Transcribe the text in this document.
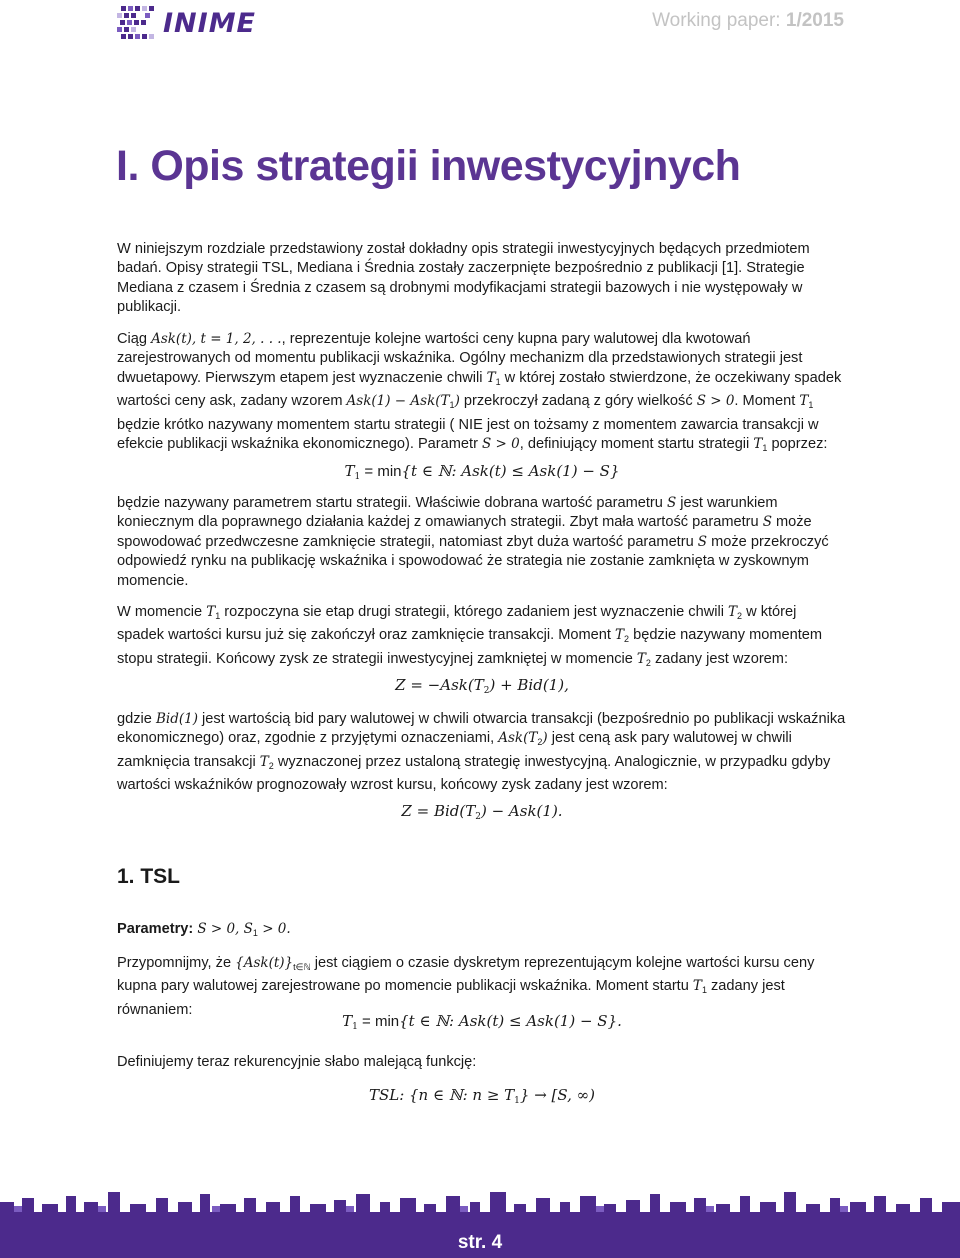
INIME	Working paper: 1/2015
I. Opis strategii inwestycyjnych

W niniejszym rozdziale przedstawiony został dokładny opis strategii inwestycyjnych będących przedmiotem badań. Opisy strategii TSL, Mediana i Średnia zostały zaczerpnięte bezpośrednio z publikacji [1]. Strategie Mediana z czasem i Średnia z czasem są drobnymi modyfikacjami strategii bazowych i nie występowały w publikacji.

Ciąg Ask(t), t = 1, 2, . . ., reprezentuje kolejne wartości ceny kupna pary walutowej dla kwotowań zarejestrowanych od momentu publikacji wskaźnika. Ogólny mechanizm dla przedstawionych strategii jest dwuetapowy. Pierwszym etapem jest wyznaczenie chwili $T_1$ w której zostało stwierdzone, że oczekiwany spadek wartości ceny ask, zadany wzorem $Ask(1) - Ask(T_1)$ przekroczył zadaną z góry wielkość S > 0. Moment $T_1$ będzie krótko nazywany momentem startu strategii ( NIE jest on tożsamy z momentem zawarcia transakcji w efekcie publikacji wskaźnika ekonomicznego). Parametr S > 0, definiujący moment startu strategii $T_1$ poprzez:

$T_1 = \min\{t$ ∈ ℕ: Ask(t) ≤ Ask(1) − S}

będzie nazywany parametrem startu strategii. Właściwie dobrana wartość parametru S jest warunkiem koniecznym dla poprawnego działania każdej z omawianych strategii. Zbyt mała wartość parametru S może spowodować przedwczesne zamknięcie strategii, natomiast zbyt duża wartość parametru S może przekroczyć odpowiedź rynku na publikację wskaźnika i spowodować że strategia nie zostanie zamknięta w zyskownym momencie.

W momencie $T_1$ rozpoczyna sie etap drugi strategii, którego zadaniem jest wyznaczenie chwili $T_2$ w której spadek wartości kursu już się zakończył oraz zamknięcie transakcji. Moment $T_2$ będzie nazywany momentem stopu strategii. Końcowy zysk ze strategii inwestycyjnej zamkniętej w momencie $T_2$ zadany jest wzorem:

$Z = -Ask(T_2) + Bid(1)$,

gdzie Bid(1) jest wartością bid pary walutowej w chwili otwarcia transakcji (bezpośrednio po publikacji wskaźnika ekonomicznego) oraz, zgodnie z przyjętymi oznaczeniami, $Ask(T_2)$ jest ceną ask pary walutowej w chwili zamknięcia transakcji $T_2$ wyznaczonej przez ustaloną strategię inwestycyjną. Analogicznie, w przypadku gdyby wartości wskaźników prognozowały wzrost kursu, końcowy zysk zadany jest wzorem:

$Z = Bid(T_2) - Ask(1)$.
1. TSL

Parametry: S > 0, $S_1 > 0$.

Przypomnijmy, że $\{Ask(t)\}_{t\in ℕ}$ jest ciągiem o czasie dyskretym reprezentującym kolejne wartości kursu ceny kupna pary walutowej zarejestrowane po momencie publikacji wskaźnika. Moment startu $T_1$ zadany jest równaniem:

$T_1 = \min\{t$ ∈ ℕ: Ask(t) ≤ Ask(1) − S}.

Definiujemy teraz rekurencyjnie słabo malejącą funkcję:

TSL: {n ∈ ℕ: $n \ge T_1\} \to [S$, ∞)
str. 4
